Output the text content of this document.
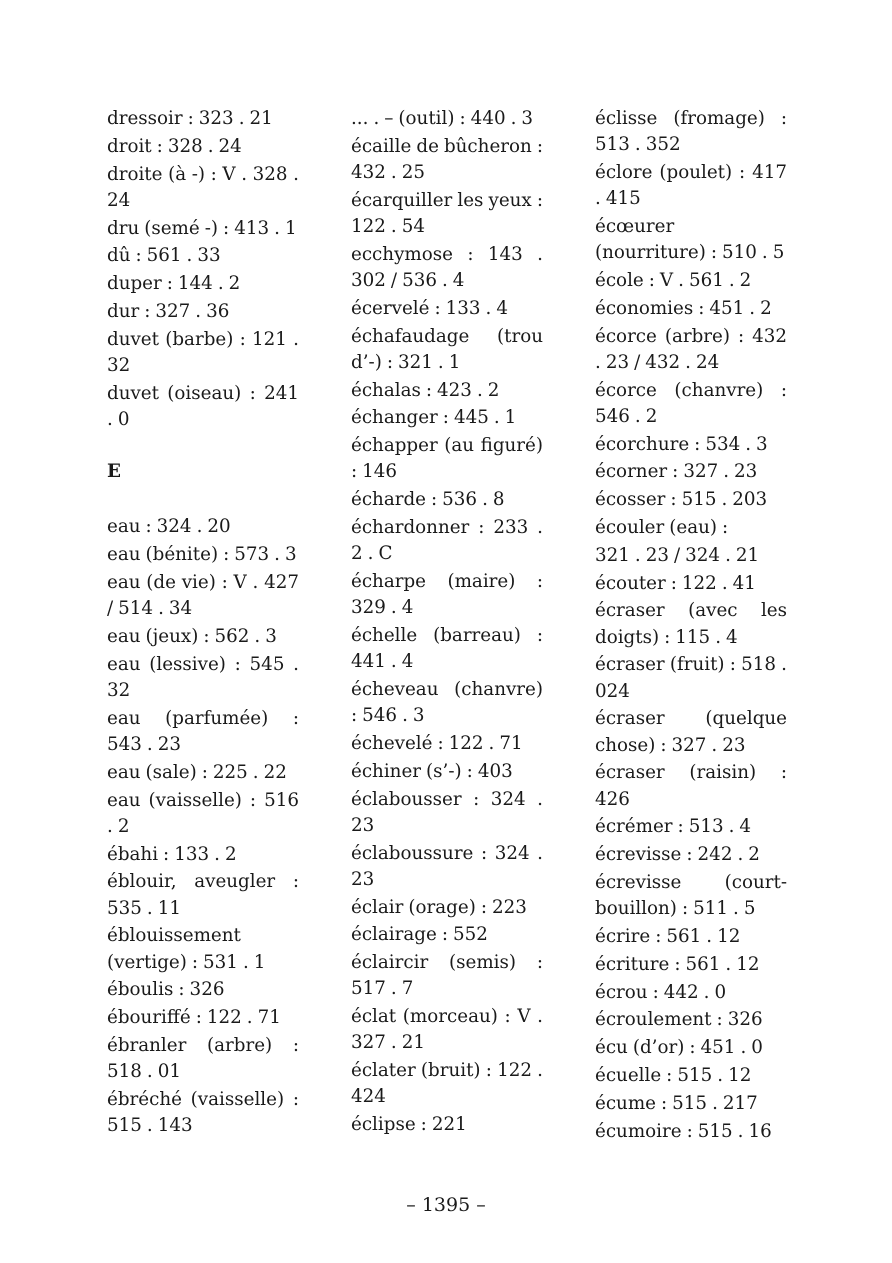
dressoir : 323 . 21
droit : 328 . 24
droite (à -) : V . 328 . 24
dru (semé -) : 413 . 1
dû : 561 . 33
duper : 144 . 2
dur : 327 . 36
duvet (barbe) : 121 . 32
duvet (oiseau) : 241 . 0
E
eau : 324 . 20
eau (bénite) : 573 . 3
eau (de vie) : V . 427 / 514 . 34
eau (jeux) : 562 . 3
eau (lessive) : 545 . 32
eau (parfumée) : 543 . 23
eau (sale) : 225 . 22
eau (vaisselle) : 516 . 2
ébahi : 133 . 2
éblouir, aveugler : 535 . 11
éblouissement (vertige) : 531 . 1
éboulis : 326
ébouriffé : 122 . 71
ébranler (arbre) : 518 . 01
ébréché (vaisselle) : 515 . 143
... . – (outil) : 440 . 3
écaille de bûcheron : 432 . 25
écarquiller les yeux : 122 . 54
ecchymose : 143 . 302 / 536 . 4
écervelé : 133 . 4
échafaudage (trou d’-) : 321 . 1
échalas : 423 . 2
échanger : 445 . 1
échapper (au figuré) : 146
écharde : 536 . 8
échardonner : 233 . 2 . C
écharpe (maire) : 329 . 4
échelle (barreau) : 441 . 4
écheveau (chanvre) : 546 . 3
échevelé : 122 . 71
échiner (s’-) : 403
éclabousser : 324 . 23
éclaboussure : 324 . 23
éclair (orage) : 223
éclairage : 552
éclaircir (semis) : 517 . 7
éclat (morceau) : V . 327 . 21
éclater (bruit) : 122 . 424
éclipse : 221
éclisse (fromage) : 513 . 352
éclore (poulet) : 417 . 415
écœurer (nourriture) : 510 . 5
école : V . 561 . 2
économies : 451 . 2
écorce (arbre) : 432 . 23 / 432 . 24
écorce (chanvre) : 546 . 2
écorchure : 534 . 3
écorner : 327 . 23
écosser : 515 . 203
écouler (eau) :
321 . 23 / 324 . 21
écouter : 122 . 41
écraser (avec les doigts) : 115 . 4
écraser (fruit) : 518 . 024
écraser (quelque chose) : 327 . 23
écraser (raisin) : 426
écrémer : 513 . 4
écrevisse : 242 . 2
écrevisse (court-bouillon) : 511 . 5
écrire : 561 . 12
écriture : 561 . 12
écrou : 442 . 0
écroulement : 326
écu (d’or) : 451 . 0
écuelle : 515 . 12
écume : 515 . 217
écumoire : 515 . 16
– 1395 –
